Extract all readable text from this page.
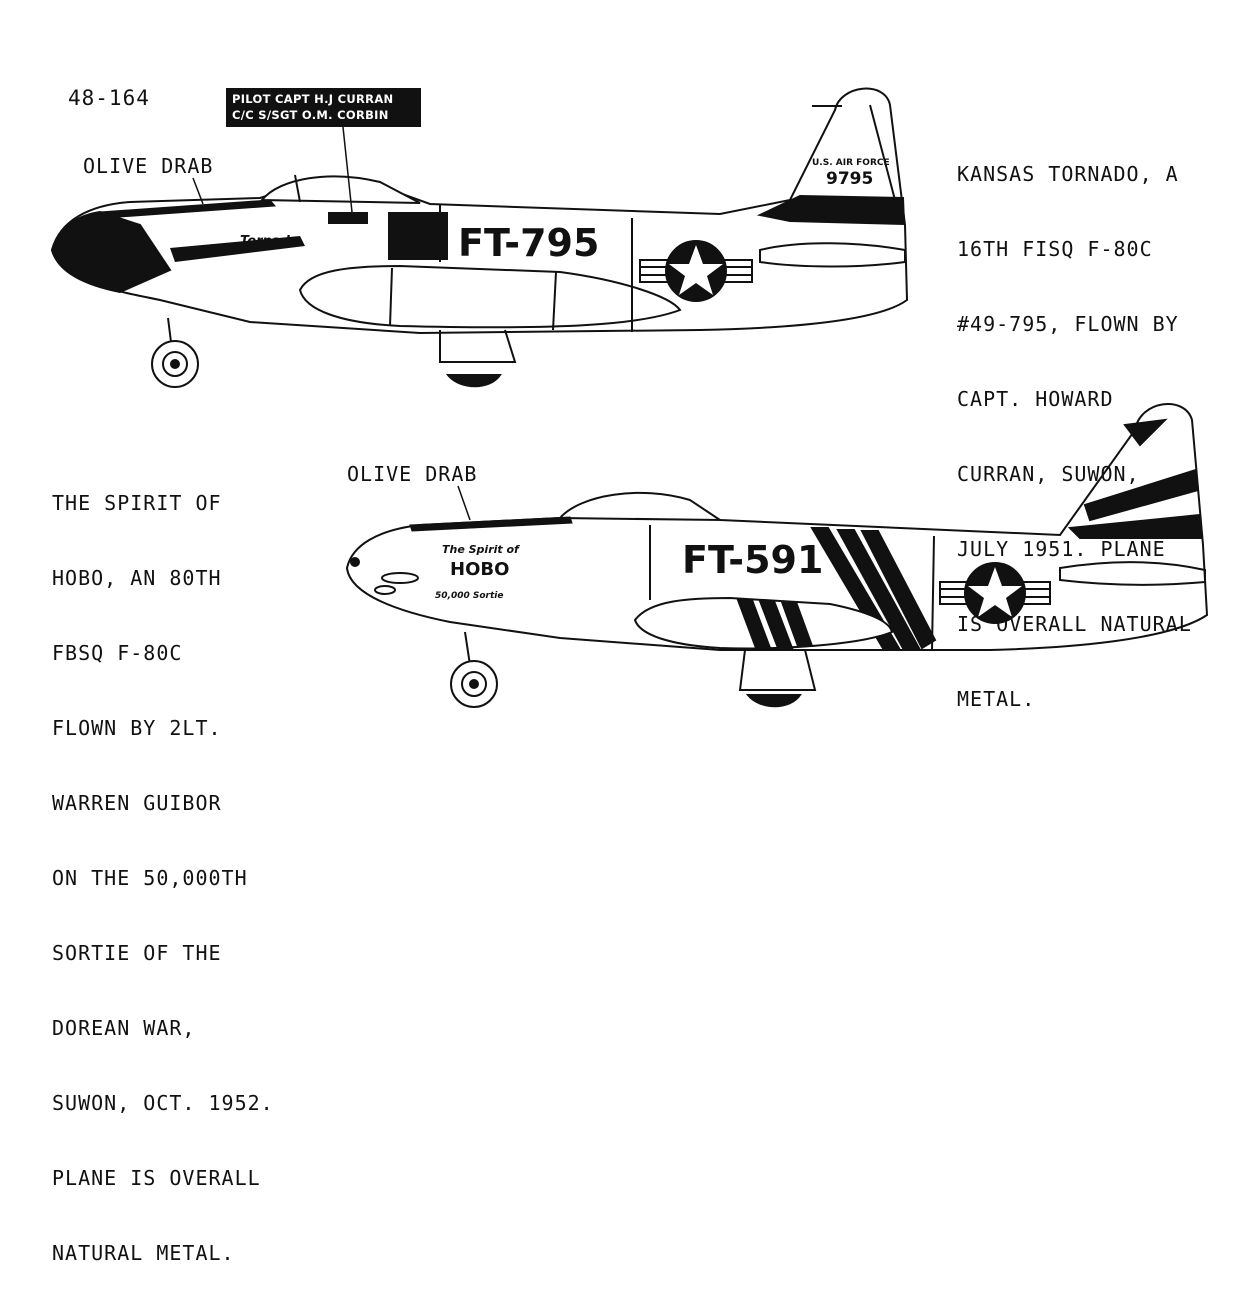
Tornado	FT-795
U.S. AIR FORCE
9795
The Spirit of
HOBO
50,000 Sortie
FT-591
48-164	PILOT CAPT H.J CURRAN
C/C S/SGT O.M. CORBIN
OLIVE DRAB
OLIVE DRAB

KANSAS TORNADO, A

16TH FISQ F-80C

#49-795, FLOWN BY

CAPT. HOWARD

CURRAN, SUWON,

JULY 1951. PLANE

IS OVERALL NATURAL

METAL.

THE SPIRIT OF

HOBO, AN 80TH

FBSQ F-80C

FLOWN BY 2LT.

WARREN GUIBOR

ON THE 50,000TH

SORTIE OF THE

DOREAN WAR,

SUWON, OCT. 1952.

PLANE IS OVERALL

NATURAL METAL.
